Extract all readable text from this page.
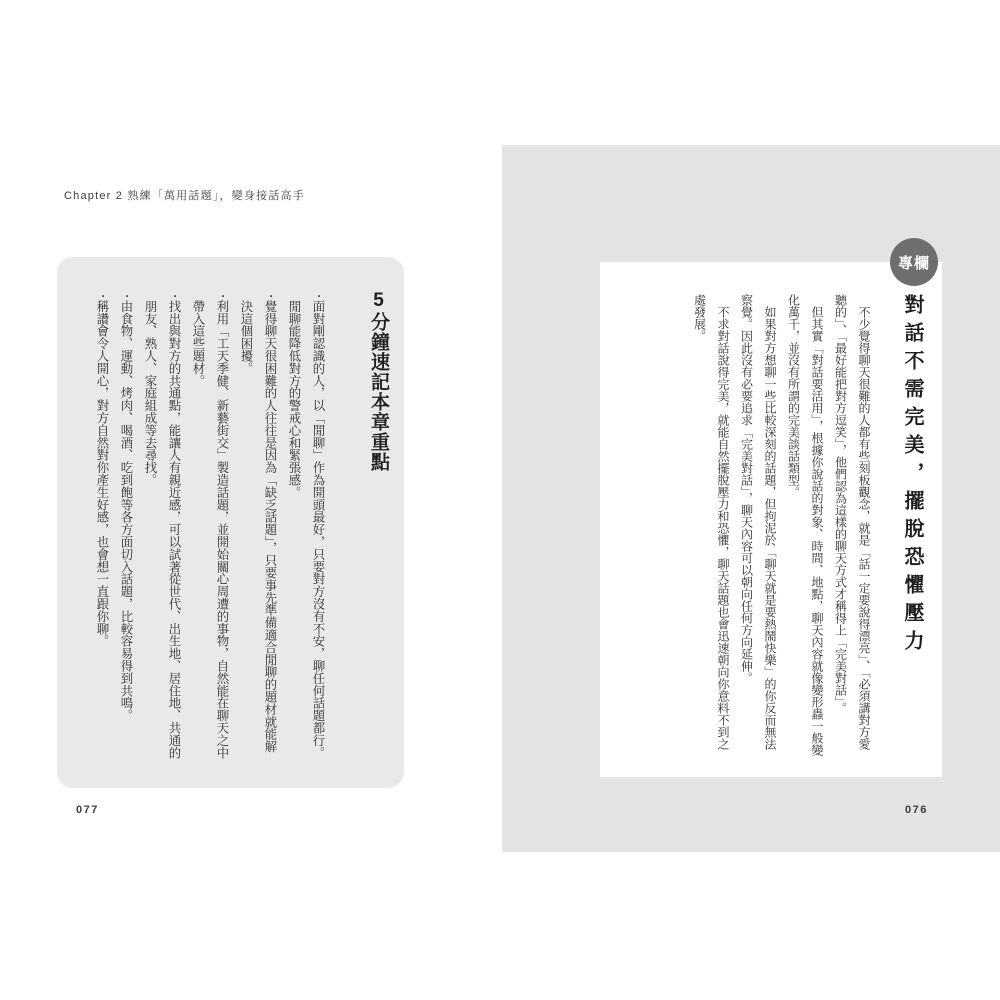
Chapter 2 熟練「萬用話題」，變身接話高手
5分鐘速記本章重點
・
面對剛認識的人，以「閒聊」作為開頭最好，只要對方沒有不安，聊任何話題都行。閒聊能降低對方的警戒心和緊張感。
・
覺得聊天很困難的人往往是因為「缺乏話題」，只要事先準備適合閒聊的題材就能解決這個困擾。
・
利用「工天季健、新藝街交」製造話題，並開始關心周遭的事物，自然能在聊天之中帶入這些題材。
・
找出與對方的共通點，能讓人有親近感，可以試著從世代、出生地、居住地、共通的朋友、熟人、家庭組成等去尋找。
・
由食物、運動、烤肉、喝酒、吃到飽等各方面切入話題，比較容易得到共鳴。
・
稱讚會令人開心，對方自然對你產生好感，也會想一直跟你聊。
077
專欄
對話不需完美，擺脫恐懼壓力

不少覺得聊天很難的人都有些刻板觀念，就是「話一定要說得漂亮」、「必須講對方愛聽的」、「最好能把對方逗笑」，他們認為這樣的聊天方式才稱得上「完美對話」。

但其實「對話要活用」，根據你說話的對象、時間、地點，聊天內容就像變形蟲一般變化萬千，並沒有所謂的完美談話類型。

如果對方想聊一些比較深刻的話題，但拘泥於「聊天就是要熱鬧快樂」的你反而無法察覺。因此沒有必要追求「完美對話」，聊天內容可以朝向任何方向延伸。

不求對話說得完美，就能自然擺脫壓力和恐懼，聊天話題也會迅速朝向你意料不到之處發展。

076
